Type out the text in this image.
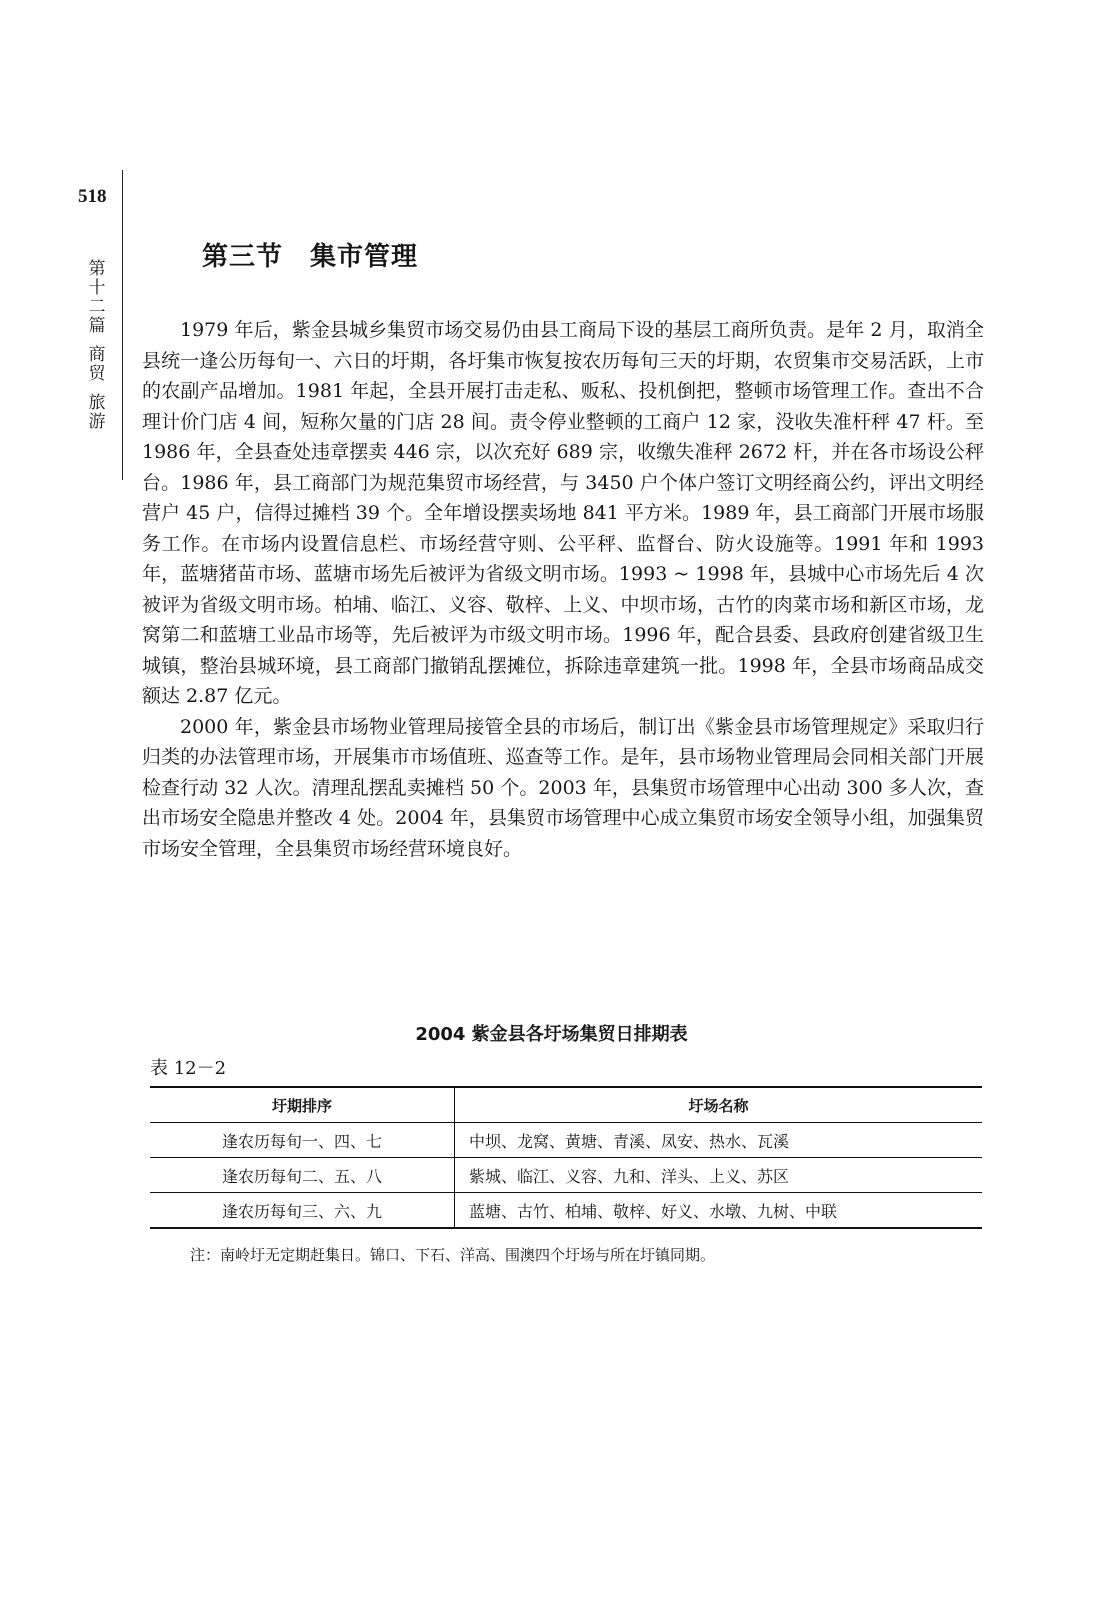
518
第十二篇
商贸
旅游
第三节　集市管理

1979 年后，紫金县城乡集贸市场交易仍由县工商局下设的基层工商所负责。是年 2 月，取消全县统一逢公历每旬一、六日的圩期，各圩集市恢复按农历每旬三天的圩期，农贸集市交易活跃，上市的农副产品增加。1981 年起，全县开展打击走私、贩私、投机倒把，整顿市场管理工作。查出不合理计价门店 4 间，短称欠量的门店 28 间。责令停业整顿的工商户 12 家，没收失准杆秤 47 杆。至 1986 年，全县查处违章摆卖 446 宗，以次充好 689 宗，收缴失准秤 2672 杆，并在各市场设公秤台。1986 年，县工商部门为规范集贸市场经营，与 3450 户个体户签订文明经商公约，评出文明经营户 45 户，信得过摊档 39 个。全年增设摆卖场地 841 平方米。1989 年，县工商部门开展市场服务工作。在市场内设置信息栏、市场经营守则、公平秤、监督台、防火设施等。1991 年和 1993 年，蓝塘猪苗市场、蓝塘市场先后被评为省级文明市场。1993 ~ 1998 年，县城中心市场先后 4 次被评为省级文明市场。柏埔、临江、义容、敬梓、上义、中坝市场，古竹的肉菜市场和新区市场，龙窝第二和蓝塘工业品市场等，先后被评为市级文明市场。1996 年，配合县委、县政府创建省级卫生城镇，整治县城环境，县工商部门撤销乱摆摊位，拆除违章建筑一批。1998 年，全县市场商品成交额达 2.87 亿元。

2000 年，紫金县市场物业管理局接管全县的市场后，制订出《紫金县市场管理规定》采取归行归类的办法管理市场，开展集市市场值班、巡查等工作。是年，县市场物业管理局会同相关部门开展检查行动 32 人次。清理乱摆乱卖摊档 50 个。2003 年，县集贸市场管理中心出动 300 多人次，查出市场安全隐患并整改 4 处。2004 年，县集贸市场管理中心成立集贸市场安全领导小组，加强集贸市场安全管理，全县集贸市场经营环境良好。

2004 紫金县各圩场集贸日排期表
表 12－2
圩期排序	圩场名称
逢农历每旬一、四、七	中坝、龙窝、黄塘、青溪、凤安、热水、瓦溪
逢农历每旬二、五、八	紫城、临江、义容、九和、洋头、上义、苏区
逢农历每旬三、六、九	蓝塘、古竹、柏埔、敬梓、好义、水墩、九树、中联
注：南岭圩无定期赶集日。锦口、下石、洋高、围澳四个圩场与所在圩镇同期。
